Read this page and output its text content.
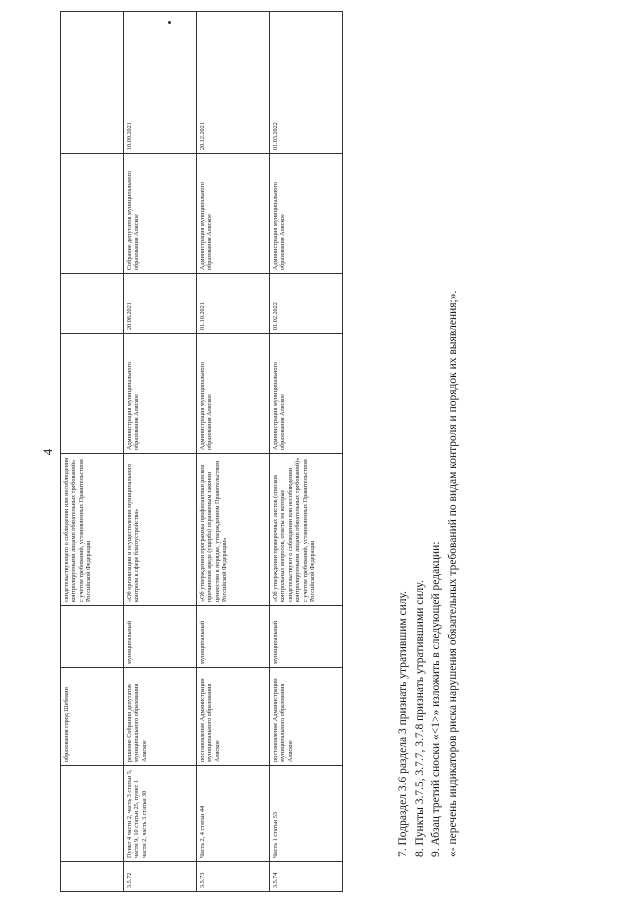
4
		образования город Шебекин		свидетельствующего о соблюдении или несоблюдении контролируемыми лицами обязательных требований» с учетом требований, установленных Правительством Российской Федерации				
3.5.72	Пункт 4 части 2, часть 3 статьи 5, части 9, 10 статьи 25, пункт 1 части 2, часть 3 статьи 30	решение Собрания депутатов муниципального образования Аляское	муниципальный	«Об организации и осуществлении муниципального контроля в сфере благоустройства»	Администрация муниципального образования Аляское	20.08.2021	Собрание депутатов муниципального образования Аляское	10.09.2021
3.5.73	Часть 2, 4 статьи 44	постановление Администрации муниципального образования Аляское	муниципальный	«Об утверждении программы профилактики рисков причинения вреда (ущерба) охраняемым законом ценностям в порядке, утвержденном Правительством Российской Федерации»	Администрация муниципального образования Аляское	01.10.2021	Администрация муниципального образования Аляское	20.12.2021
3.5.74	Часть 1 статьи 53	постановление Администрации муниципального образования Аляское	муниципальный	«Об утверждении проверочных листов (списков контрольных вопросов, ответы на которые свидетельствуют о соблюдении или несоблюдении контролируемыми лицами обязательных требований)» с учетом требований, установленных Правительством Российской Федерации	Администрация муниципального образования Аляское	01.02.2022	Администрация муниципального образования Аляское	01.03.2022
7. Подраздел 3.6 раздела 3 признать утратившим силу. 8. Пункты 3.7.5, 3.7.7, 3.7.8 признать утратившими силу. 9. Абзац третий сноски «<1>» изложить в следующей редакции: «- перечень индикаторов риска нарушения обязательных требований по видам контроля и порядок их выявления;».
